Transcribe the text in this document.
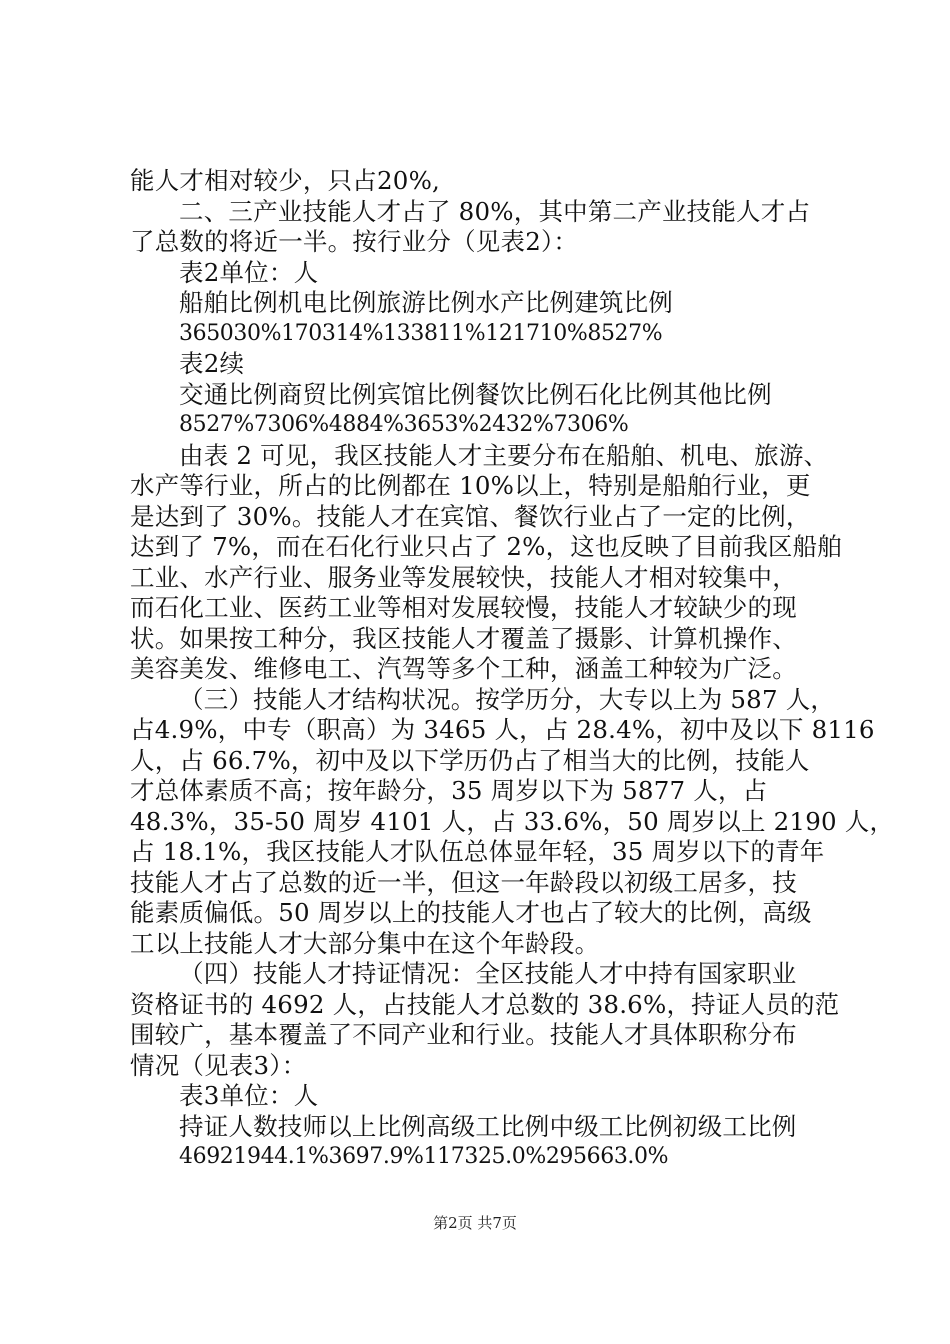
能人才相对较少，只占20%,
二、三产业技能人才占了 80%，其中第二产业技能人才占
了总数的将近一半。按行业分（见表2）：
表2单位：人
船舶比例机电比例旅游比例水产比例建筑比例
365030%170314%133811%121710%8527%
表2续
交通比例商贸比例宾馆比例餐饮比例石化比例其他比例
8527%7306%4884%3653%2432%7306%
由表 2 可见，我区技能人才主要分布在船舶、机电、旅游、
水产等行业，所占的比例都在 10%以上，特别是船舶行业，更
是达到了 30%。技能人才在宾馆、餐饮行业占了一定的比例，
达到了 7%，而在石化行业只占了 2%，这也反映了目前我区船舶
工业、水产行业、服务业等发展较快，技能人才相对较集中，
而石化工业、医药工业等相对发展较慢，技能人才较缺少的现
状。如果按工种分，我区技能人才覆盖了摄影、计算机操作、
美容美发、维修电工、汽驾等多个工种，涵盖工种较为广泛。
（三）技能人才结构状况。按学历分，大专以上为 587 人，
占4.9%，中专（职高）为 3465 人，占 28.4%，初中及以下 8116
人，占 66.7%，初中及以下学历仍占了相当大的比例，技能人
才总体素质不高；按年龄分，35 周岁以下为 5877 人，占
48.3%，35-50 周岁 4101 人，占 33.6%，50 周岁以上 2190 人，
占 18.1%，我区技能人才队伍总体显年轻，35 周岁以下的青年
技能人才占了总数的近一半，但这一年龄段以初级工居多，技
能素质偏低。50 周岁以上的技能人才也占了较大的比例，高级
工以上技能人才大部分集中在这个年龄段。
（四）技能人才持证情况：全区技能人才中持有国家职业
资格证书的 4692 人，占技能人才总数的 38.6%，持证人员的范
围较广，基本覆盖了不同产业和行业。技能人才具体职称分布
情况（见表3）：
表3单位：人
持证人数技师以上比例高级工比例中级工比例初级工比例
46921944.1%3697.9%117325.0%295663.0%
第2页 共7页
